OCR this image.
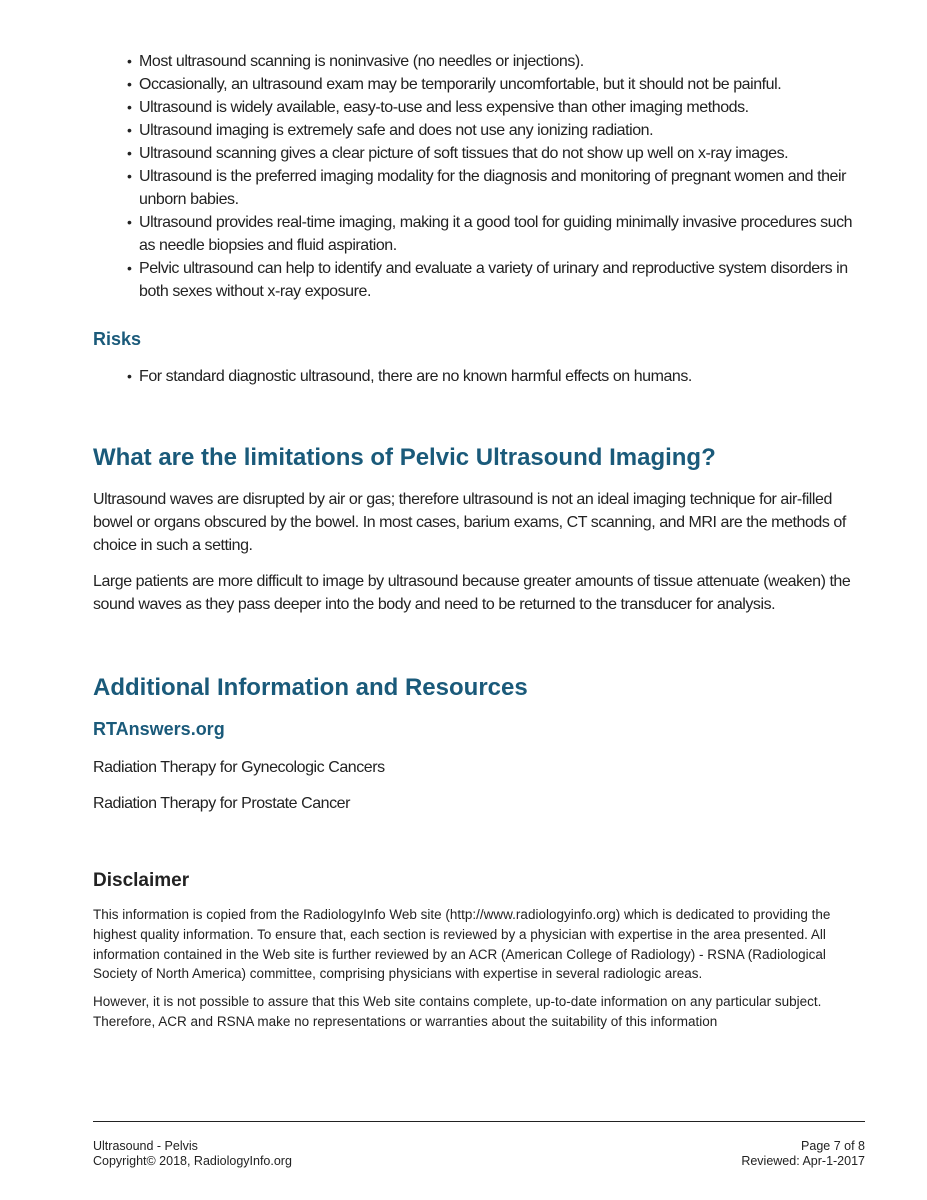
• Most ultrasound scanning is noninvasive (no needles or injections).
• Occasionally, an ultrasound exam may be temporarily uncomfortable, but it should not be painful.
• Ultrasound is widely available, easy-to-use and less expensive than other imaging methods.
• Ultrasound imaging is extremely safe and does not use any ionizing radiation.
• Ultrasound scanning gives a clear picture of soft tissues that do not show up well on x-ray images.
• Ultrasound is the preferred imaging modality for the diagnosis and monitoring of pregnant women and their unborn babies.
• Ultrasound provides real-time imaging, making it a good tool for guiding minimally invasive procedures such as needle biopsies and fluid aspiration.
• Pelvic ultrasound can help to identify and evaluate a variety of urinary and reproductive system disorders in both sexes without x-ray exposure.
Risks
• For standard diagnostic ultrasound, there are no known harmful effects on humans.
What are the limitations of Pelvic Ultrasound Imaging?

Ultrasound waves are disrupted by air or gas; therefore ultrasound is not an ideal imaging technique for air-filled bowel or organs obscured by the bowel. In most cases, barium exams, CT scanning, and MRI are the methods of choice in such a setting.

Large patients are more difficult to image by ultrasound because greater amounts of tissue attenuate (weaken) the sound waves as they pass deeper into the body and need to be returned to the transducer for analysis.

Additional Information and Resources
RTAnswers.org

Radiation Therapy for Gynecologic Cancers

Radiation Therapy for Prostate Cancer

Disclaimer

This information is copied from the RadiologyInfo Web site (http://www.radiologyinfo.org) which is dedicated to providing the highest quality information. To ensure that, each section is reviewed by a physician with expertise in the area presented. All information contained in the Web site is further reviewed by an ACR (American College of Radiology) - RSNA (Radiological Society of North America) committee, comprising physicians with expertise in several radiologic areas.

However, it is not possible to assure that this Web site contains complete, up-to-date information on any particular subject. Therefore, ACR and RSNA make no representations or warranties about the suitability of this information

Ultrasound - Pelvis	Page 7 of 8
Copyright© 2018, RadiologyInfo.org	Reviewed: Apr-1-2017
